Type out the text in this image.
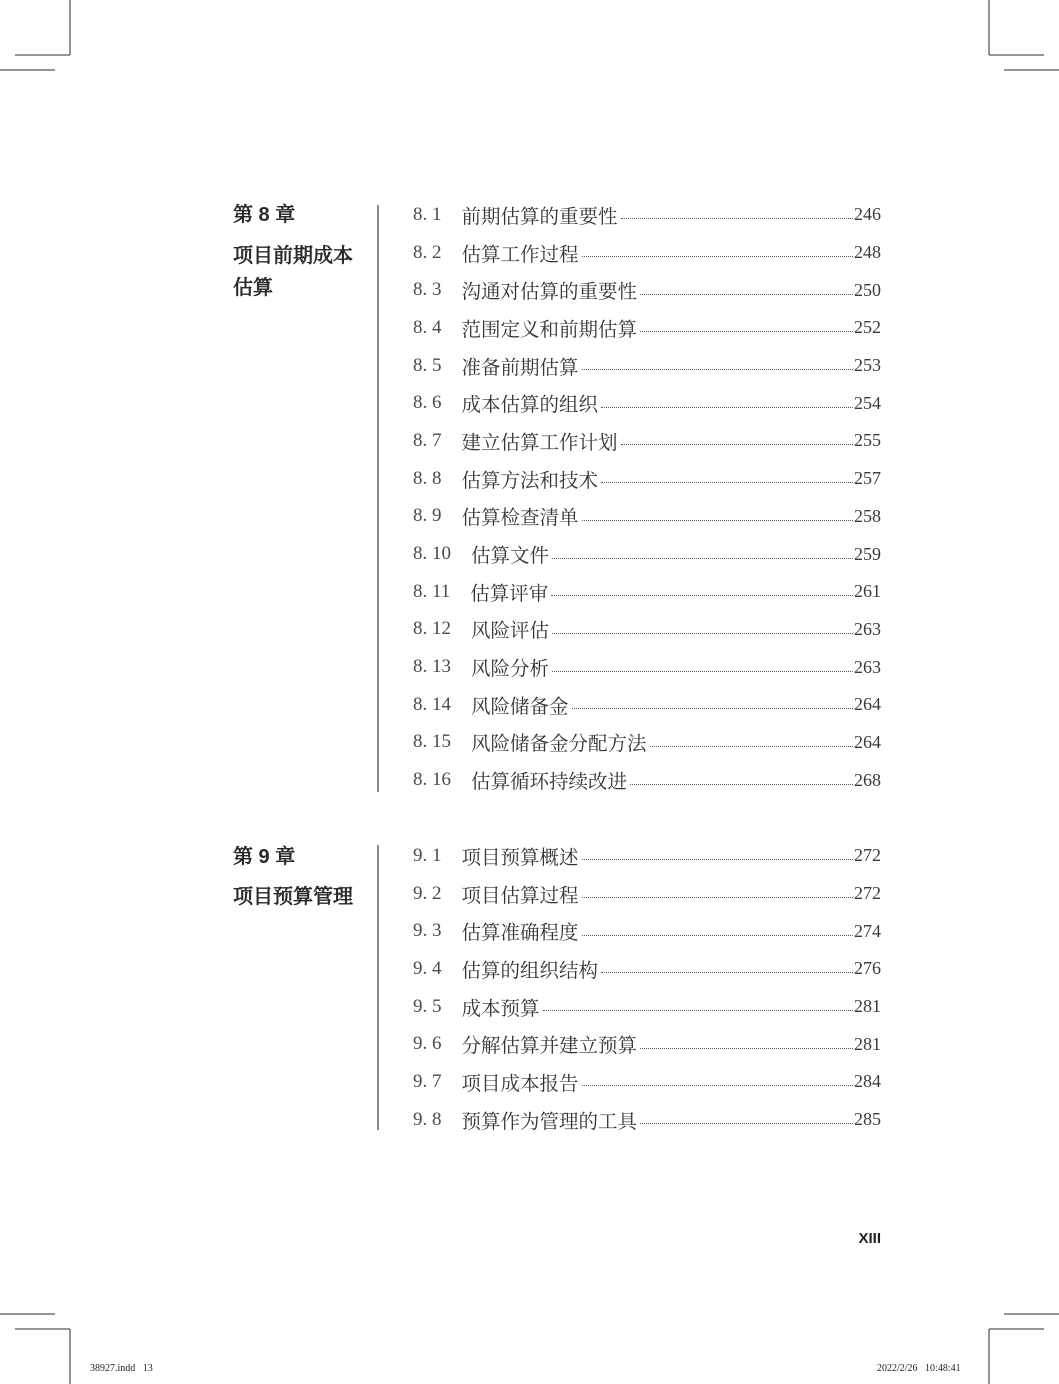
第 8 章
项目前期成本
估算
8. 1 前期估算的重要性	246
8. 2 估算工作过程	248
8. 3 沟通对估算的重要性	250
8. 4 范围定义和前期估算	252
8. 5 准备前期估算	253
8. 6 成本估算的组织	254
8. 7 建立估算工作计划	255
8. 8 估算方法和技术	257
8. 9 估算检查清单	258
8. 10 估算文件	259
8. 11 估算评审	261
8. 12 风险评估	263
8. 13 风险分析	263
8. 14 风险储备金	264
8. 15 风险储备金分配方法	264
8. 16 估算循环持续改进	268
第 9 章
项目预算管理
9. 1 项目预算概述	272
9. 2 项目估算过程	272
9. 3 估算准确程度	274
9. 4 估算的组织结构	276
9. 5 成本预算	281
9. 6 分解估算并建立预算	281
9. 7 项目成本报告	284
9. 8 预算作为管理的工具	285
XIII
38927.indd   13	2022/2/26   10:48:41
